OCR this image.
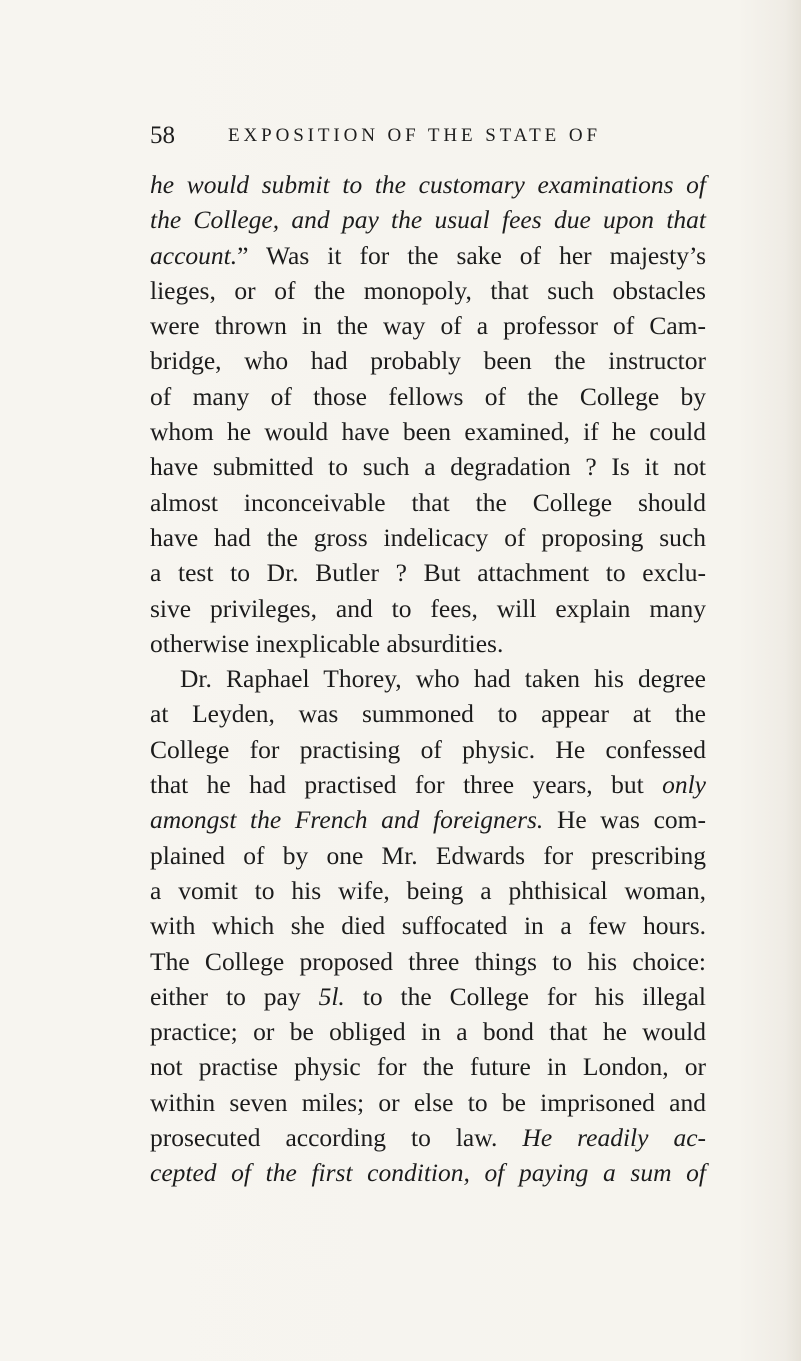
58	EXPOSITION OF THE STATE OF
he would submit to the customary examinations of
the College, and pay the usual fees due upon that
account.” Was it for the sake of her majesty’s
lieges, or of the monopoly, that such obstacles
were thrown in the way of a professor of Cam-
bridge, who had probably been the instructor
of many of those fellows of the College by
whom he would have been examined, if he could
have submitted to such a degradation ? Is it not
almost inconceivable that the College should
have had the gross indelicacy of proposing such
a test to Dr. Butler ? But attachment to exclu-
sive privileges, and to fees, will explain many
otherwise inexplicable absurdities.
Dr. Raphael Thorey, who had taken his degree
at Leyden, was summoned to appear at the
College for practising of physic. He confessed
that he had practised for three years, but only
amongst the French and foreigners. He was com-
plained of by one Mr. Edwards for prescribing
a vomit to his wife, being a phthisical woman,
with which she died suffocated in a few hours.
The College proposed three things to his choice:
either to pay 5l. to the College for his illegal
practice; or be obliged in a bond that he would
not practise physic for the future in London, or
within seven miles; or else to be imprisoned and
prosecuted according to law. He readily ac-
cepted of the first condition, of paying a sum of
